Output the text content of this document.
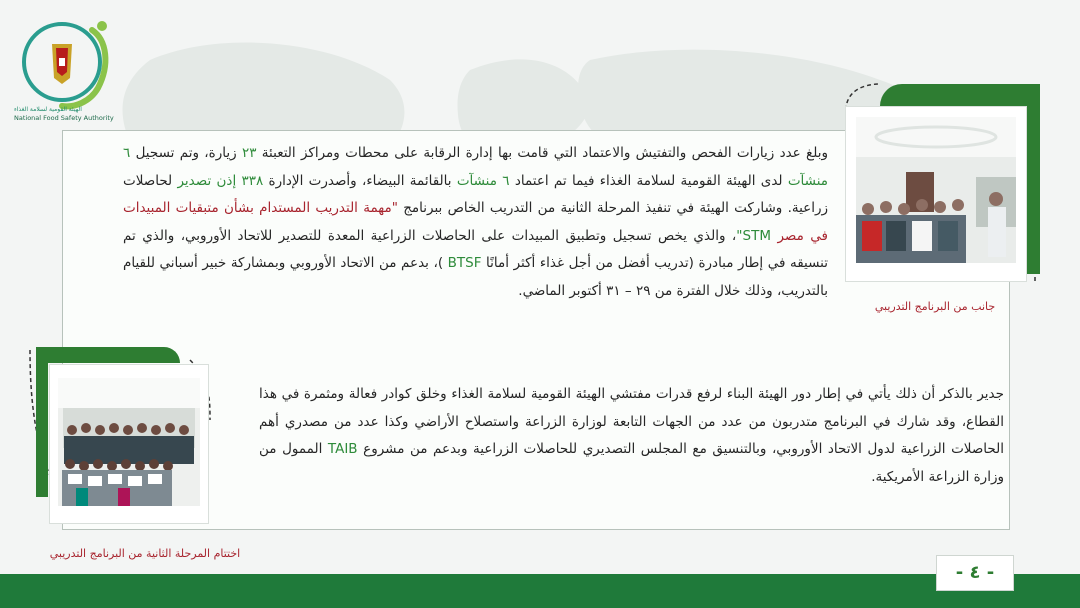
الهيئة القومية لسلامة الغذاء
National Food Safety Authority
جانب من البرنامج التدريبي
اختتام المرحلة الثانية من البرنامج التدريبي
وبلغ عدد زيارات الفحص والتفتيش والاعتماد التي قامت بها إدارة الرقابة على محطات ومراكز التعبئة ٢٣ زيارة، وتم تسجيل ٦ منشآت لدى الهيئة القومية لسلامة الغذاء فيما تم اعتماد ٦ منشآت بالقائمة البيضاء، وأصدرت الإدارة ٣٣٨ إذن تصدير لحاصلات زراعية. وشاركت الهيئة في تنفيذ المرحلة الثانية من التدريب الخاص ببرنامج "مهمة التدريب المستدام بشأن متبقيات المبيدات في مصر STM"، والذي يخص تسجيل وتطبيق المبيدات على الحاصلات الزراعية المعدة للتصدير للاتحاد الأوروبي، والذي تم تنسيقه في إطار مبادرة (تدريب أفضل من أجل غذاء أكثر أمانًا BTSF )، بدعم من الاتحاد الأوروبي وبمشاركة خبير أسباني للقيام بالتدريب، وذلك خلال الفترة من ٢٩ – ٣١ أكتوبر الماضي.
جدير بالذكر أن ذلك يأتي في إطار دور الهيئة البناء لرفع قدرات مفتشي الهيئة القومية لسلامة الغذاء وخلق كوادر فعالة ومثمرة في هذا القطاع، وقد شارك في البرنامج متدربون من عدد من الجهات التابعة لوزارة الزراعة واستصلاح الأراضي وكذا عدد من مصدري أهم الحاصلات الزراعية لدول الاتحاد الأوروبي، وبالتنسيق مع المجلس التصديري للحاصلات الزراعية وبدعم من مشروع TAIB الممول من وزارة الزراعة الأمريكية.
- ٤ -
